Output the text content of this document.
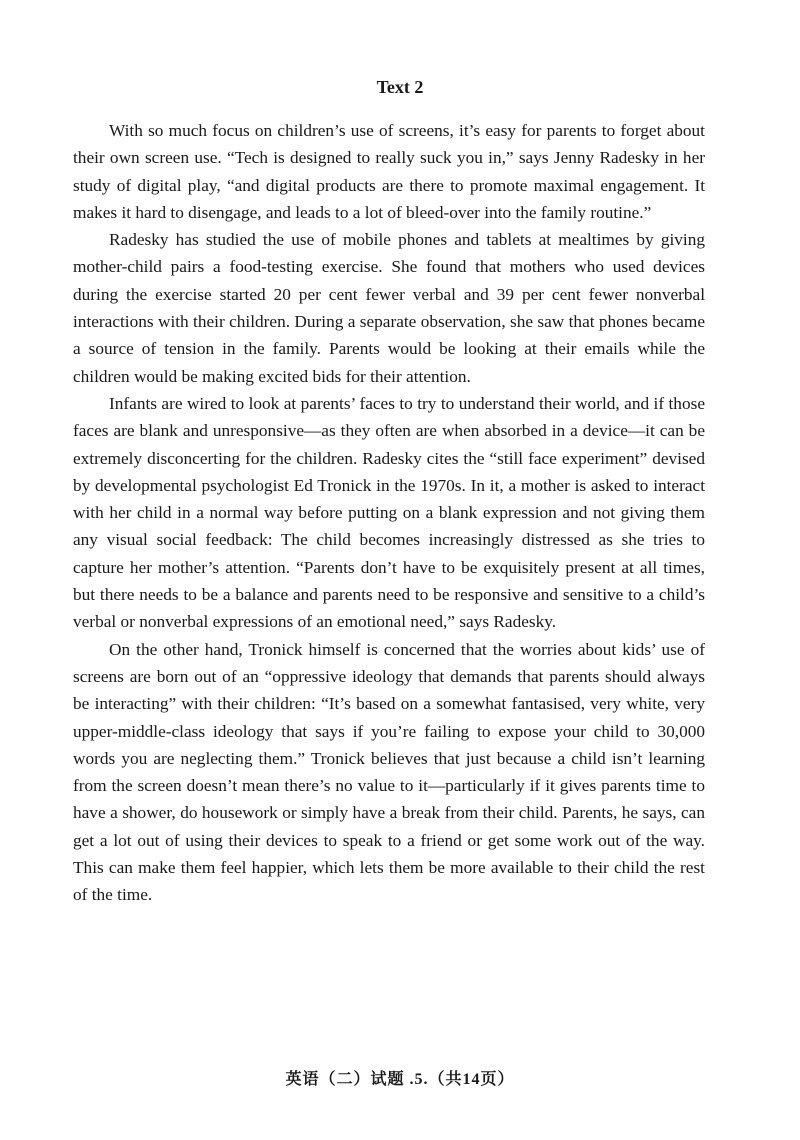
Text 2

With so much focus on children’s use of screens, it’s easy for parents to forget about their own screen use. “Tech is designed to really suck you in,” says Jenny Radesky in her study of digital play, “and digital products are there to promote maximal engagement. It makes it hard to disengage, and leads to a lot of bleed-over into the family routine.”

Radesky has studied the use of mobile phones and tablets at mealtimes by giving mother-child pairs a food-testing exercise. She found that mothers who used devices during the exercise started 20 per cent fewer verbal and 39 per cent fewer nonverbal interactions with their children. During a separate observation, she saw that phones became a source of tension in the family. Parents would be looking at their emails while the children would be making excited bids for their attention.

Infants are wired to look at parents’ faces to try to understand their world, and if those faces are blank and unresponsive—as they often are when absorbed in a device—it can be extremely disconcerting for the children. Radesky cites the “still face experiment” devised by developmental psychologist Ed Tronick in the 1970s. In it, a mother is asked to interact with her child in a normal way before putting on a blank expression and not giving them any visual social feedback: The child becomes increasingly distressed as she tries to capture her mother’s attention. “Parents don’t have to be exquisitely present at all times, but there needs to be a balance and parents need to be responsive and sensitive to a child’s verbal or nonverbal expressions of an emotional need,” says Radesky.

On the other hand, Tronick himself is concerned that the worries about kids’ use of screens are born out of an “oppressive ideology that demands that parents should always be interacting” with their children: “It’s based on a somewhat fantasised, very white, very upper-middle-class ideology that says if you’re failing to expose your child to 30,000 words you are neglecting them.” Tronick believes that just because a child isn’t learning from the screen doesn’t mean there’s no value to it—particularly if it gives parents time to have a shower, do housework or simply have a break from their child. Parents, he says, can get a lot out of using their devices to speak to a friend or get some work out of the way. This can make them feel happier, which lets them be more available to their child the rest of the time.

英语（二）试题 .5.（共14页）
